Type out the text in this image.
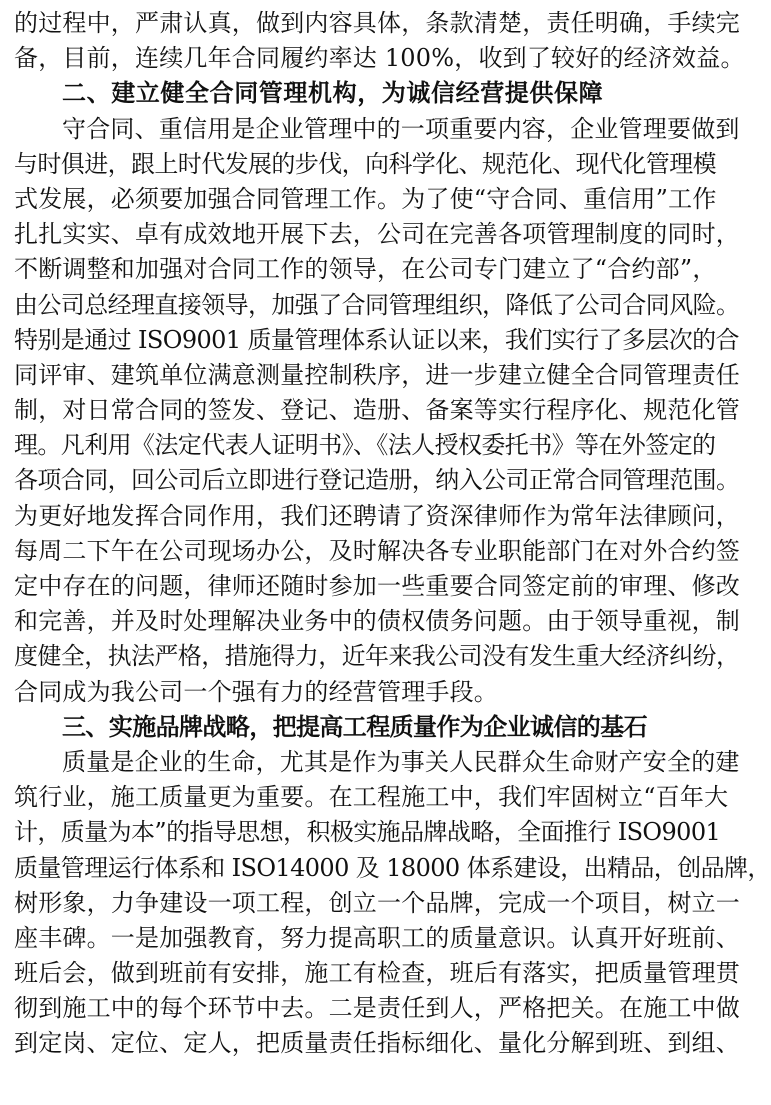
的过程中，严肃认真，做到内容具体，条款清楚，责任明确，手续完

备，目前，连续几年合同履约率达 100%，收到了较好的经济效益。

二、建立健全合同管理机构，为诚信经营提供保障

守合同、重信用是企业管理中的一项重要内容，企业管理要做到

与时俱进，跟上时代发展的步伐，向科学化、规范化、现代化管理模

式发展，必须要加强合同管理工作。为了使“守合同、重信用”工作

扎扎实实、卓有成效地开展下去，公司在完善各项管理制度的同时，

不断调整和加强对合同工作的领导，在公司专门建立了“合约部”，

由公司总经理直接领导，加强了合同管理组织，降低了公司合同风险。

特别是通过 ISO9001 质量管理体系认证以来，我们实行了多层次的合

同评审、建筑单位满意测量控制秩序，进一步建立健全合同管理责任

制，对日常合同的签发、登记、造册、备案等实行程序化、规范化管

理。凡利用《法定代表人证明书》、《法人授权委托书》等在外签定的

各项合同，回公司后立即进行登记造册，纳入公司正常合同管理范围。

为更好地发挥合同作用，我们还聘请了资深律师作为常年法律顾问，

每周二下午在公司现场办公，及时解决各专业职能部门在对外合约签

定中存在的问题，律师还随时参加一些重要合同签定前的审理、修改

和完善，并及时处理解决业务中的债权债务问题。由于领导重视，制

度健全，执法严格，措施得力，近年来我公司没有发生重大经济纠纷，

合同成为我公司一个强有力的经营管理手段。

三、实施品牌战略，把提高工程质量作为企业诚信的基石

质量是企业的生命，尤其是作为事关人民群众生命财产安全的建

筑行业，施工质量更为重要。在工程施工中，我们牢固树立“百年大

计，质量为本”的指导思想，积极实施品牌战略，全面推行 ISO9001

质量管理运行体系和 ISO14000 及 18000 体系建设，出精品，创品牌，

树形象，力争建设一项工程，创立一个品牌，完成一个项目，树立一

座丰碑。一是加强教育，努力提高职工的质量意识。认真开好班前、

班后会，做到班前有安排，施工有检查，班后有落实，把质量管理贯

彻到施工中的每个环节中去。二是责任到人，严格把关。在施工中做

到定岗、定位、定人，把质量责任指标细化、量化分解到班、到组、
